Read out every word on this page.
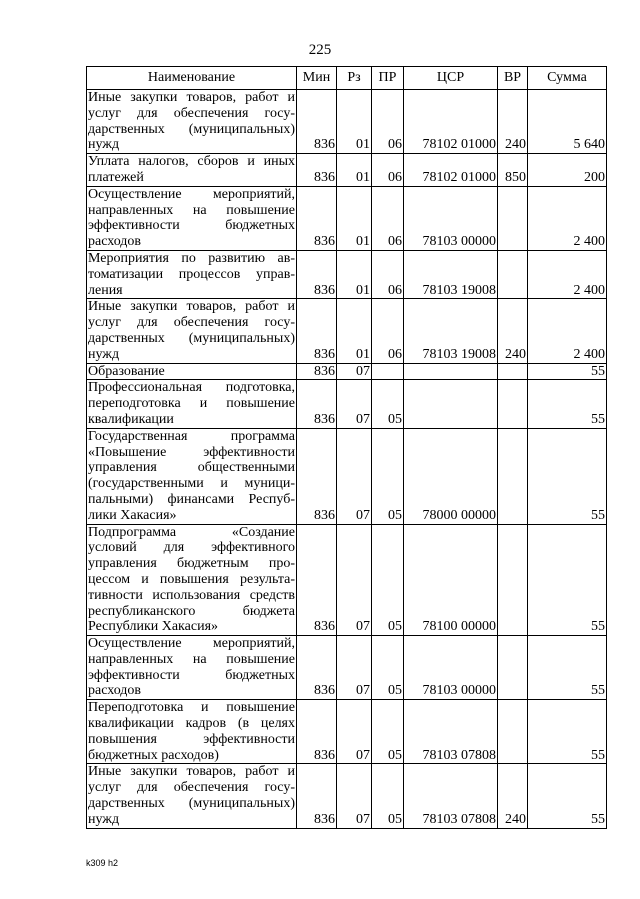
225
Наименование	Мин	Рз	ПР	ЦСР	ВР	Сумма
Иные закупки товаров, работ и услуг для обеспечения госу-дарственных (муниципальных) нужд	836	01	06	78102 01000	240	5 640
Уплата налогов, сборов и иных платежей	836	01	06	78102 01000	850	200
Осуществление мероприятий, направленных на повышение эффективности бюджетных расходов	836	01	06	78103 00000		2 400
Мероприятия по развитию ав-томатизации процессов управ-ления	836	01	06	78103 19008		2 400
Иные закупки товаров, работ и услуг для обеспечения госу-дарственных (муниципальных) нужд	836	01	06	78103 19008	240	2 400
Образование	836	07				55
Профессиональная подготовка, переподготовка и повышение квалификации	836	07	05			55
Государственная программа «Повышение эффективности управления общественными (государственными и муници-пальными) финансами Респуб-лики Хакасия»	836	07	05	78000 00000		55
Подпрограмма «Создание условий для эффективного управления бюджетным про-цессом и повышения результа-тивности использования средств республиканского бюджета Республики Хакасия»	836	07	05	78100 00000		55
Осуществление мероприятий, направленных на повышение эффективности бюджетных расходов	836	07	05	78103 00000		55
Переподготовка и повышение квалификации кадров (в целях повышения эффективности бюджетных расходов)	836	07	05	78103 07808		55
Иные закупки товаров, работ и услуг для обеспечения госу-дарственных (муниципальных) нужд	836	07	05	78103 07808	240	55
k309 h2
